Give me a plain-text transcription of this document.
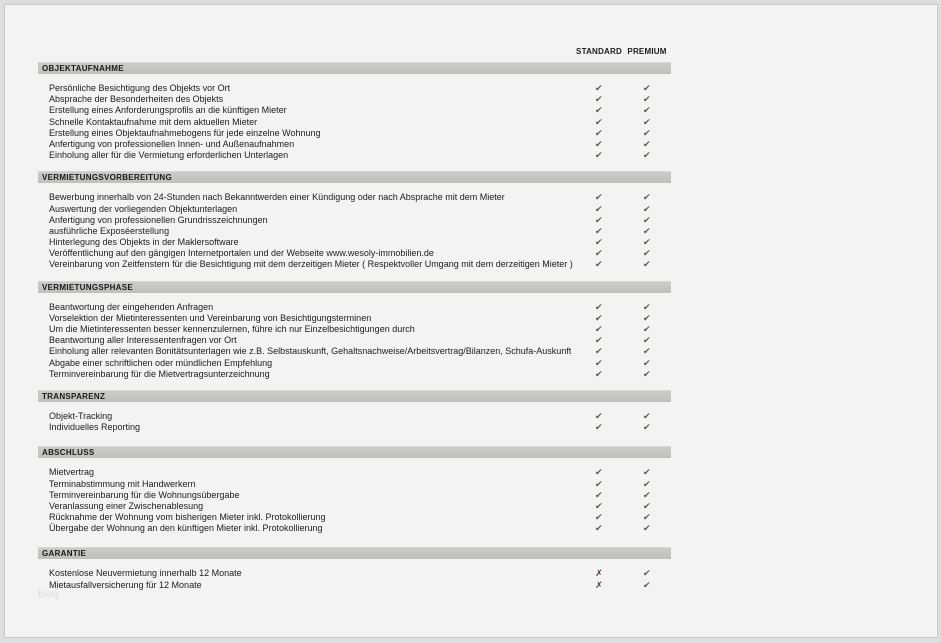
STANDARD PREMIUM
OBJEKTAUFNAHME
Persönliche Besichtigung des Objekts vor Ort	✔	✔
Absprache der Besonderheiten des Objekts	✔	✔
Erstellung eines Anforderungsprofils an die künftigen Mieter	✔	✔
Schnelle Kontaktaufnahme mit dem aktuellen Mieter	✔	✔
Erstellung eines Objektaufnahmebogens für jede einzelne Wohnung	✔	✔
Anfertigung von professionellen Innen- und Außenaufnahmen	✔	✔
Einholung aller für die Vermietung erforderlichen Unterlagen	✔	✔
VERMIETUNGSVORBEREITUNG
Bewerbung innerhalb von 24-Stunden nach Bekanntwerden einer Kündigung oder nach Absprache mit dem Mieter	✔	✔
Auswertung der vorliegenden Objektunterlagen	✔	✔
Anfertigung von professionellen Grundrisszeichnungen	✔	✔
ausführliche Exposéerstellung	✔	✔
Hinterlegung des Objekts in der Maklersoftware	✔	✔
Veröffentlichung auf den gängigen Internetportalen und der Webseite www.wesoly-immobilien.de	✔	✔
Vereinbarung von Zeitfenstern für die Besichtigung mit dem derzeitigen Mieter ( Respektvoller Umgang mit dem derzeitigen Mieter )	✔	✔
VERMIETUNGSPHASE
Beantwortung der eingehenden Anfragen	✔	✔
Vorselektion der Mietinteressenten und Vereinbarung von Besichtigungsterminen	✔	✔
Um die Mietinteressenten besser kennenzulernen, führe ich nur Einzelbesichtigungen durch	✔	✔
Beantwortung aller Interessentenfragen vor Ort	✔	✔
Einholung aller relevanten Bonitätsunterlagen wie z.B. Selbstauskunft, Gehaltsnachweise/Arbeitsvertrag/Bilanzen, Schufa-Auskunft	✔	✔
Abgabe einer schriftlichen oder mündlichen Empfehlung	✔	✔
Terminvereinbarung für die Mietvertragsunterzeichnung	✔	✔
TRANSPARENZ
Objekt-Tracking	✔	✔
Individuelles Reporting	✔	✔
ABSCHLUSS
Mietvertrag	✔	✔
Terminabstimmung mit Handwerkern	✔	✔
Terminvereinbarung für die Wohnungsübergabe	✔	✔
Veranlassung einer Zwischenablesung	✔	✔
Rücknahme der Wohnung vom bisherigen Mieter inkl. Protokollierung	✔	✔
Übergabe der Wohnung an den künftigen Mieter inkl. Protokollierung	✔	✔
GARANTIE
Kostenlose Neuvermietung innerhalb 12 Monate	✗	✔
Mietausfallversicherung für 12 Monate	✗	✔
blog
